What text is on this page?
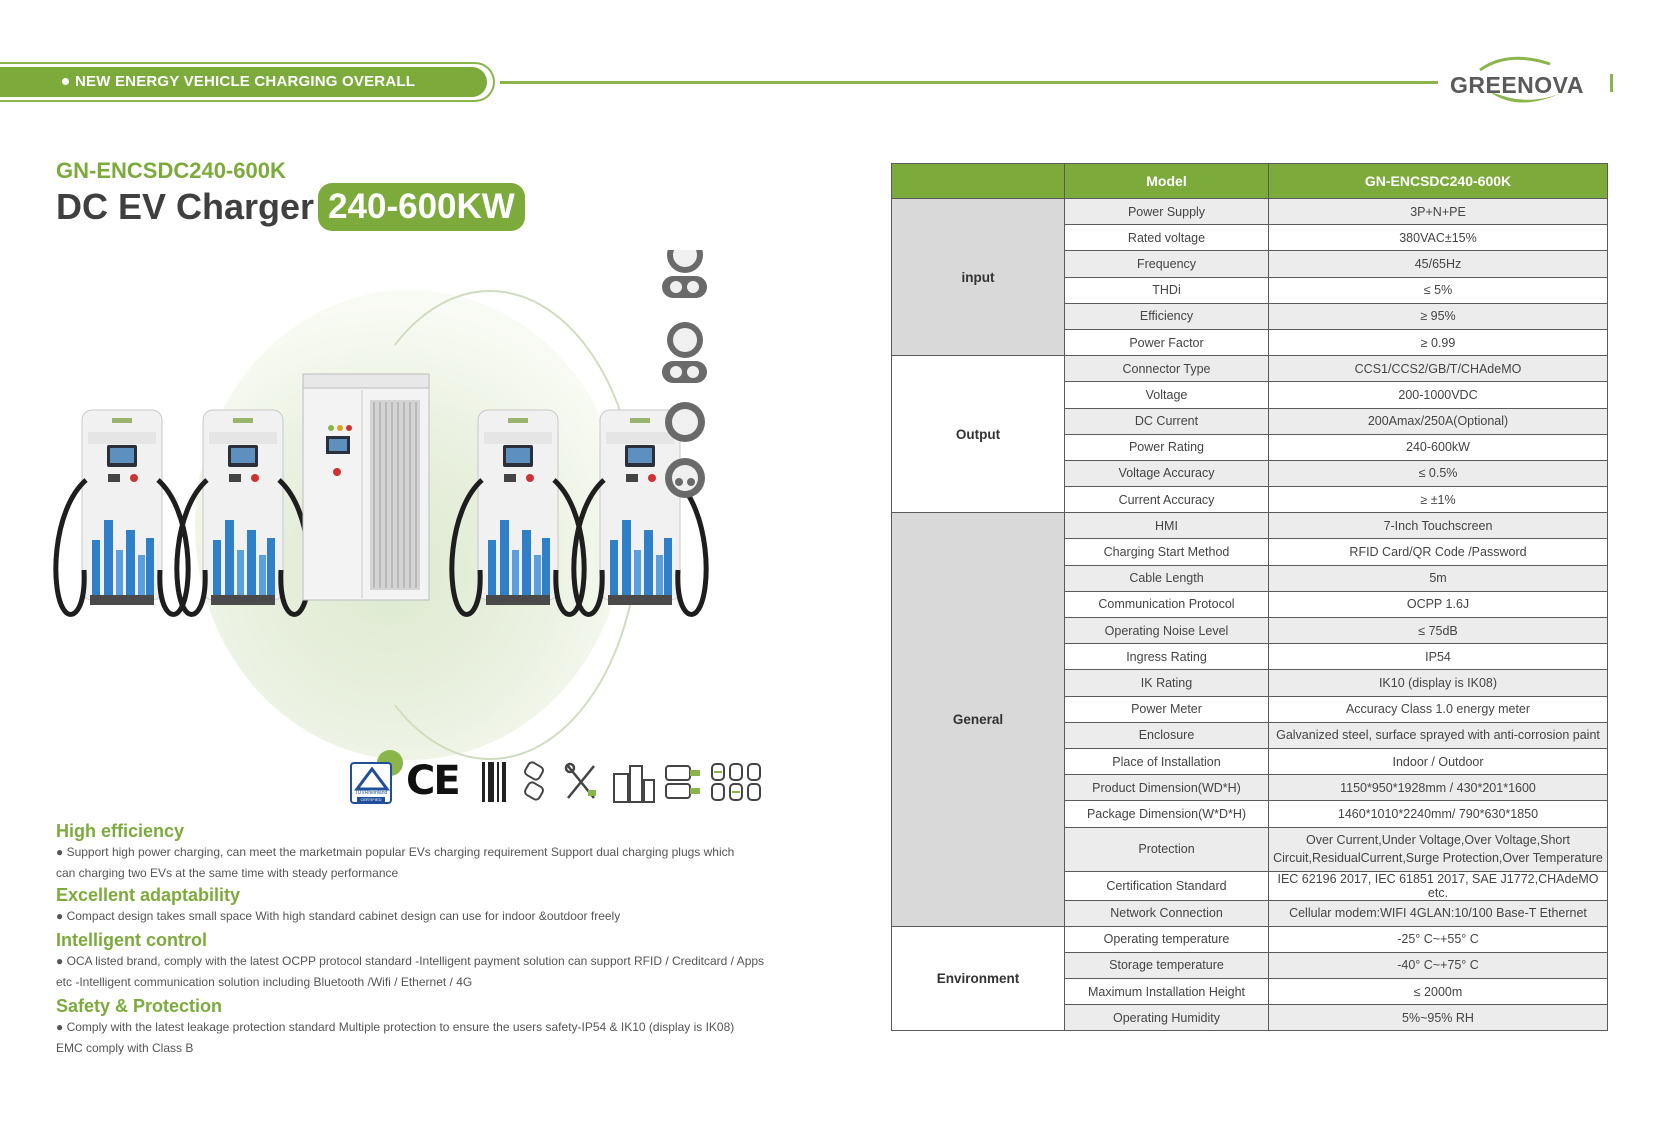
NEW ENERGY VEHICLE CHARGING OVERALL SOLUTION
GREENOVA
GN-ENCSDC240-600K
DC EV Charger 240-600KW
TÜVRheinland
CERTIFIED CE
High efficiency
● Support high power charging, can meet the marketmain popular EVs charging requirement Support dual charging plugs which can charging two EVs at the same time with steady performance
Excellent adaptability
● Compact design takes small space With high standard cabinet design can use for indoor &outdoor freely
Intelligent control
● OCA listed brand, comply with the latest OCPP protocol standard -Intelligent payment solution can support RFID / Creditcard / Apps etc -Intelligent communication solution including Bluetooth /Wifi / Ethernet / 4G
Safety & Protection
● Comply with the latest leakage protection standard Multiple protection to ensure the users safety-IP54 & IK10 (display is IK08) EMC comply with Class B
	Model	GN-ENCSDC240-600K
input	Power Supply	3P+N+PE
	Rated voltage	380VAC±15%
	Frequency	45/65Hz
	THDi	≤ 5%
	Efficiency	≥ 95%
	Power Factor	≥ 0.99
Output	Connector Type	CCS1/CCS2/GB/T/CHAdeMO
	Voltage	200-1000VDC
	DC Current	200Amax/250A(Optional)
	Power Rating	240-600kW
	Voltage Accuracy	≤ 0.5%
	Current Accuracy	≥ ±1%
General	HMI	7-Inch Touchscreen
	Charging Start Method	RFID Card/QR Code /Password
	Cable Length	5m
	Communication Protocol	OCPP 1.6J
	Operating Noise Level	≤ 75dB
	Ingress Rating	IP54
	IK Rating	IK10 (display is IK08)
	Power Meter	Accuracy Class 1.0 energy meter
	Enclosure	Galvanized steel, surface sprayed with anti-corrosion paint
	Place of Installation	Indoor / Outdoor
	Product Dimension(WD*H)	1150*950*1928mm / 430*201*1600
	Package Dimension(W*D*H)	1460*1010*2240mm/ 790*630*1850
	Protection	Over Current,Under Voltage,Over Voltage,Short Circuit,ResidualCurrent,Surge Protection,Over Temperature
	Certification Standard	IEC 62196 2017, IEC 61851 2017, SAE J1772,CHAdeMO etc.
	Network Connection	Cellular modem:WIFI 4GLAN:10/100 Base-T Ethernet
Environment	Operating temperature	-25° C~+55° C
	Storage temperature	-40° C~+75° C
	Maximum Installation Height	≤ 2000m
	Operating Humidity	5%~95% RH
